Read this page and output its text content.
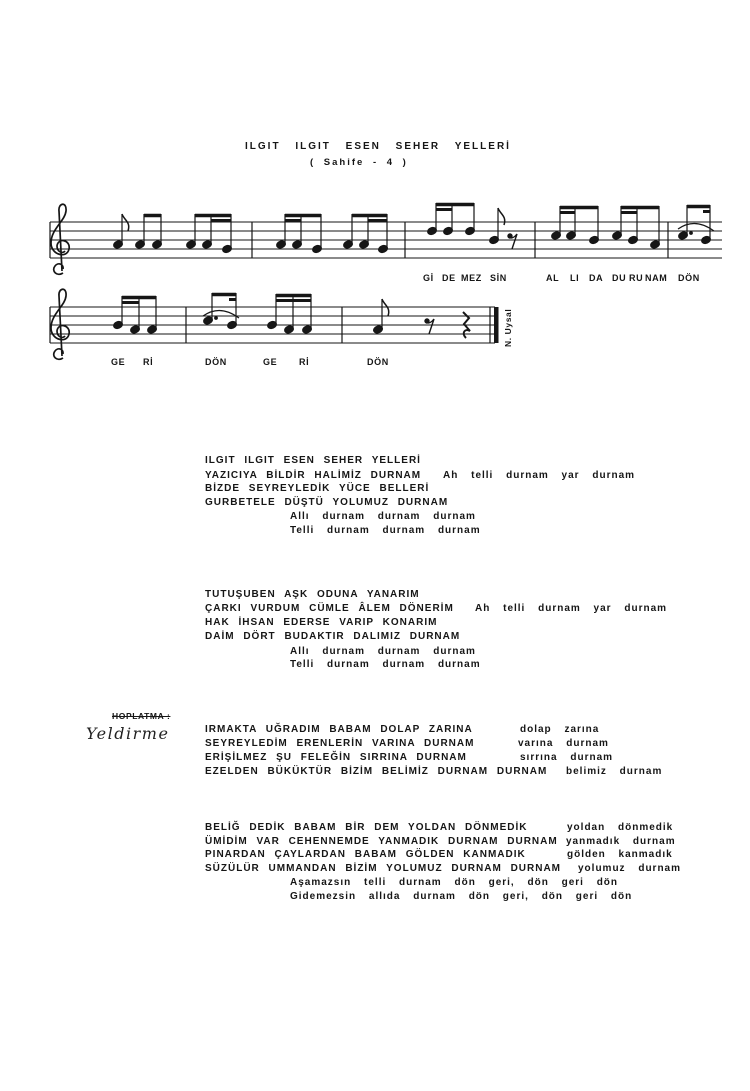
ILGIT ILGIT ESEN SEHER YELLERİ
( Sahife - 4 )
Gİ DE MEZ SİN	AL LI DA DU RU NAM DÖN
GE Rİ	DÖN	GE Rİ	DÖN
N. Uysal
ILGIT ILGIT ESEN SEHER YELLERİ
YAZICIYA BİLDİR HALİMİZ DURNAM Ah telli durnam yar durnam
BİZDE SEYREYLEDİK YÜCE BELLERİ
GURBETELE DÜŞTÜ YOLUMUZ DURNAM
Allı durnam durnam durnam
Telli durnam durnam durnam
TUTUŞUBEN AŞK ODUNA YANARIM
ÇARKI VURDUM CÜMLE ÂLEM DÖNERİM Ah telli durnam yar durnam
HAK İHSAN EDERSE VARIP KONARIM
DAİM DÖRT BUDAKTIR DALIMIZ DURNAM
Allı durnam durnam durnam
Telli durnam durnam durnam
HOPLATMA :
Yeldirme	IRMAKTA UĞRADIM BABAM DOLAP ZARINA	dolap zarına
SEYREYLEDİM ERENLERİN VARINA DURNAM	varına durnam
ERİŞİLMEZ ŞU FELEĞİN SIRRINA DURNAM	sırrına durnam
EZELDEN BÜKÜKTÜR BİZİM BELİMİZ DURNAM DURNAM belimiz durnam
BELİĞ DEDİK BABAM BİR DEM YOLDAN DÖNMEDİK	yoldan dönmedik
ÜMİDİM VAR CEHENNEMDE YANMADIK DURNAM DURNAM yanmadık durnam
PINARDAN ÇAYLARDAN BABAM GÖLDEN KANMADIK	gölden kanmadık
SÜZÜLÜR UMMANDAN BİZİM YOLUMUZ DURNAM DURNAM yolumuz durnam
Aşamazsın telli durnam dön geri, dön geri dön
Gidemezsin allıda durnam dön geri, dön geri dön
